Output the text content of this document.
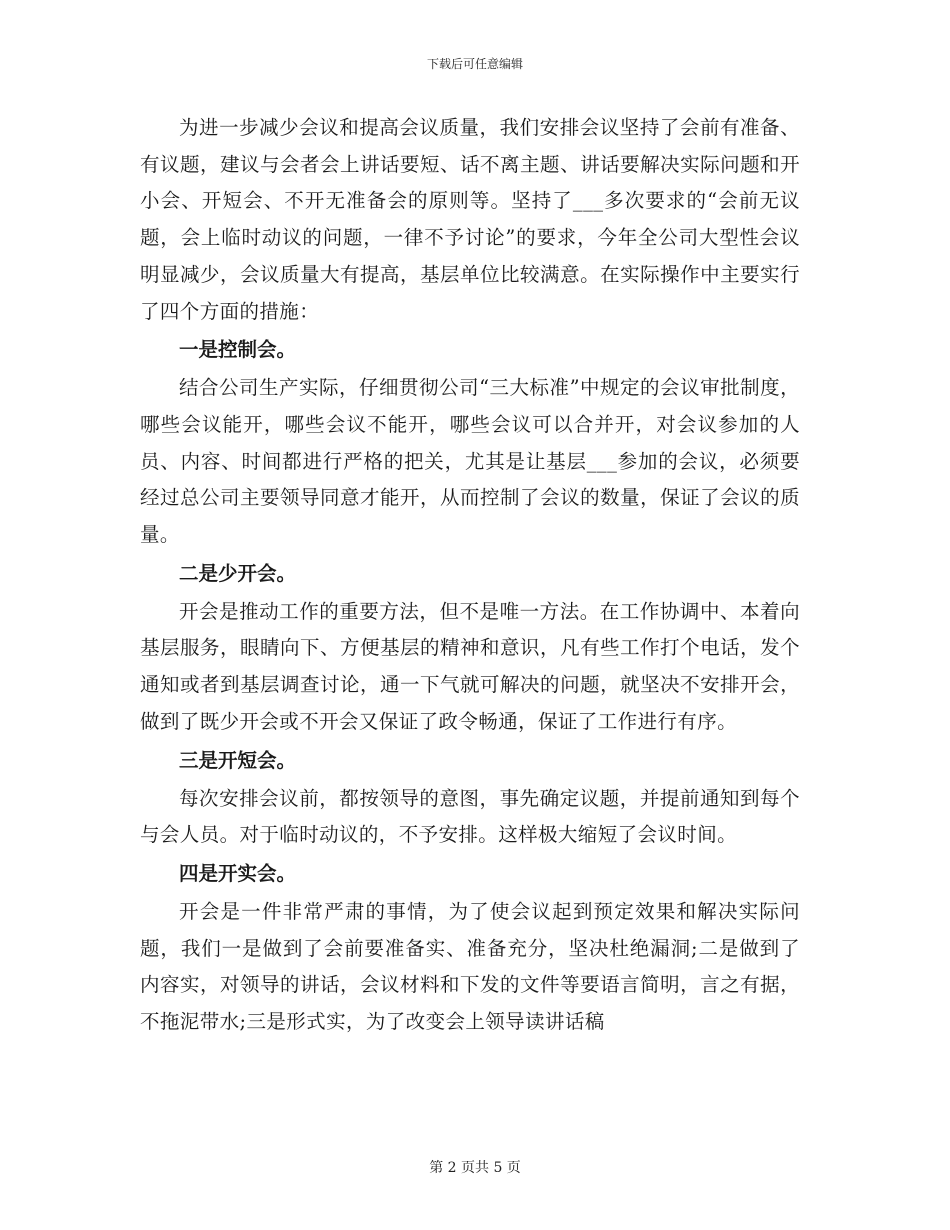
下载后可任意编辑

为进一步减少会议和提高会议质量，我们安排会议坚持了会前有准备、有议题，建议与会者会上讲话要短、话不离主题、讲话要解决实际问题和开小会、开短会、不开无准备会的原则等。坚持了___多次要求的“会前无议题，会上临时动议的问题，一律不予讨论”的要求，今年全公司大型性会议明显减少，会议质量大有提高，基层单位比较满意。在实际操作中主要实行了四个方面的措施：

一是控制会。

结合公司生产实际，仔细贯彻公司“三大标准”中规定的会议审批制度，哪些会议能开，哪些会议不能开，哪些会议可以合并开，对会议参加的人员、内容、时间都进行严格的把关，尤其是让基层___参加的会议，必须要经过总公司主要领导同意才能开，从而控制了会议的数量，保证了会议的质量。

二是少开会。

开会是推动工作的重要方法，但不是唯一方法。在工作协调中、本着向基层服务，眼睛向下、方便基层的精神和意识，凡有些工作打个电话，发个通知或者到基层调查讨论，通一下气就可解决的问题，就坚决不安排开会，做到了既少开会或不开会又保证了政令畅通，保证了工作进行有序。

三是开短会。

每次安排会议前，都按领导的意图，事先确定议题，并提前通知到每个与会人员。对于临时动议的，不予安排。这样极大缩短了会议时间。

四是开实会。

开会是一件非常严肃的事情，为了使会议起到预定效果和解决实际问题，我们一是做到了会前要准备实、准备充分，坚决杜绝漏洞;二是做到了内容实，对领导的讲话，会议材料和下发的文件等要语言简明，言之有据，不拖泥带水;三是形式实，为了改变会上领导读讲话稿

第 2 页共 5 页
